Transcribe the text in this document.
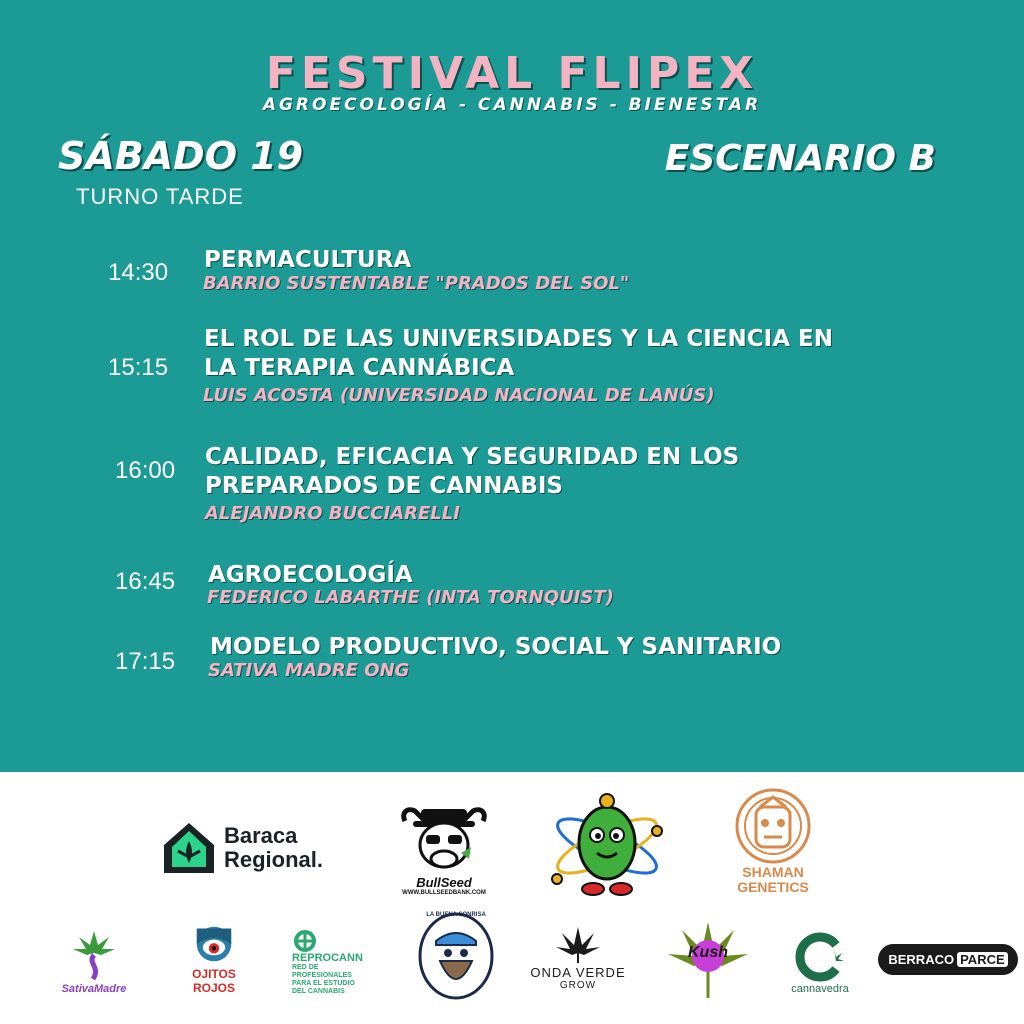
FESTIVAL FLIPEX
AGROECOLOGÍA - CANNABIS - BIENESTAR
SÁBADO 19
TURNO TARDE
ESCENARIO B
14:30 PERMACULTURA
BARRIO SUSTENTABLE "PRADOS DEL SOL"
15:15
EL ROL DE LAS UNIVERSIDADES Y LA CIENCIA EN
LA TERAPIA CANNÁBICA
LUIS ACOSTA (UNIVERSIDAD NACIONAL DE LANÚS)
16:00 CALIDAD, EFICACIA Y SEGURIDAD EN LOS
PREPARADOS DE CANNABIS
ALEJANDRO BUCCIARELLI
16:45 AGROECOLOGÍA
FEDERICO LABARTHE (INTA TORNQUIST)
17:15
MODELO PRODUCTIVO, SOCIAL Y SANITARIO
SATIVA MADRE ONG
Baraca
Regional.
BullSeed
WWW.BULLSEEDBANK.COM
SHAMAN
GENETICS
SativaMadre
OJITOS ROJOS
REPROCANN
RED DE PROFESIONALES PARA EL ESTUDIO DEL CANNABIS
LA BUENA SONRISA
ONDA VERDE
GROW
Kush
cannavedra
BERRACO PARCE
